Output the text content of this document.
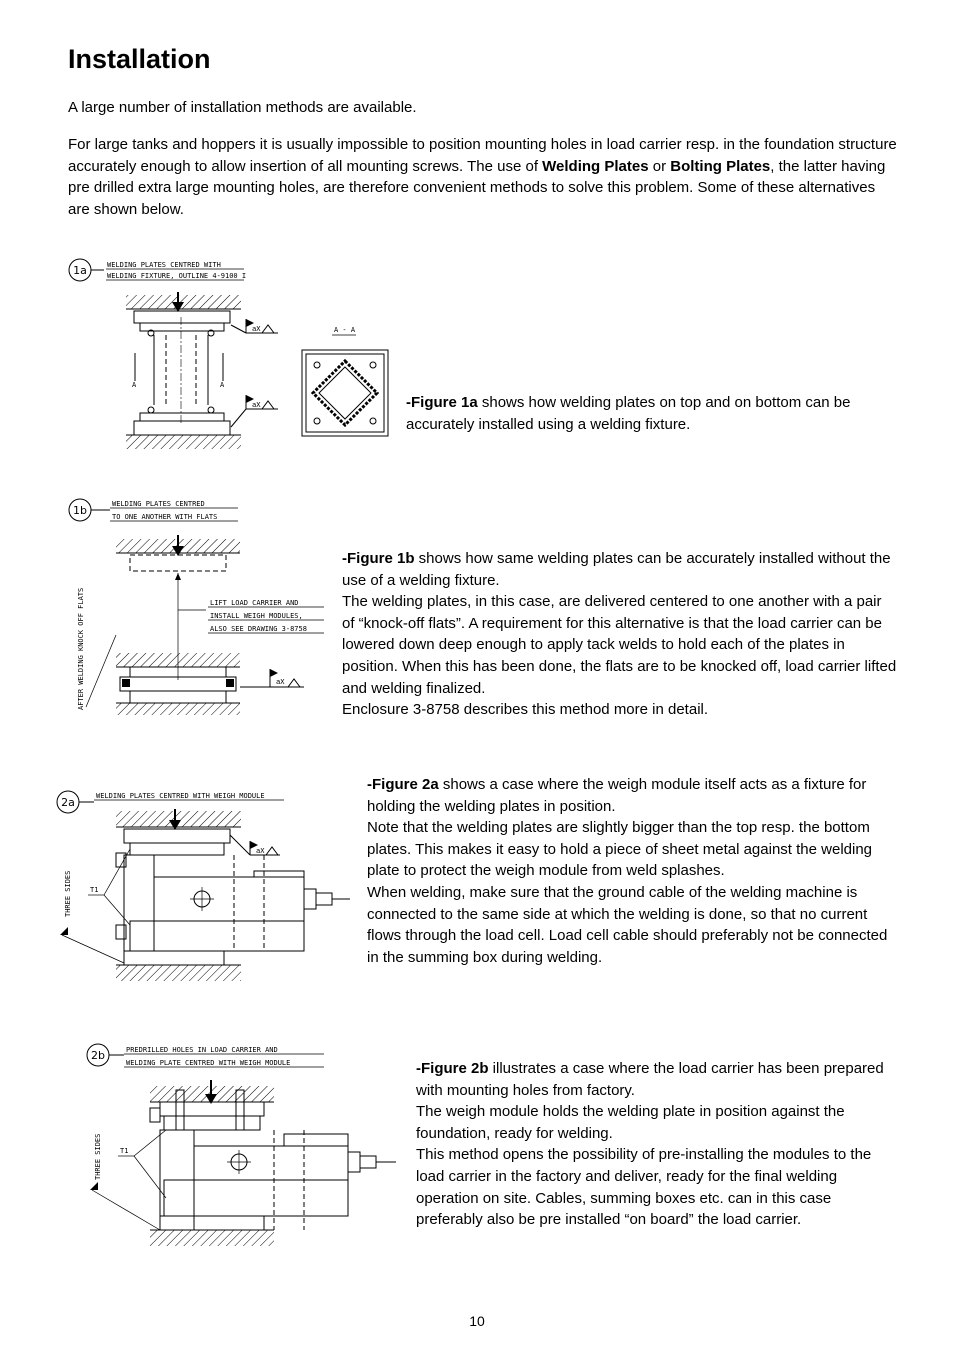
Installation

A large number of installation methods are available.

For large tanks and hoppers it is usually impossible to position mounting holes in load carrier resp. in the foundation structure accurately enough to allow insertion of all mounting screws. The use of Welding Plates or Bolting Plates, the latter having pre drilled extra large mounting holes, are therefore convenient methods to solve this problem. Some of these alternatives are shown below.

1a	WELDING PLATES CENTRED WITH
WELDING FIXTURE, OUTLINE 4-9100 I
A	A
aX
aX
A - A

-Figure 1a shows how welding plates on top and on bottom can be accurately installed using a welding fixture.

1b	WELDING PLATES CENTRED
TO ONE ANOTHER WITH FLATS
AFTER WELDING KNOCK OFF FLATS	LIFT LOAD CARRIER AND
INSTALL WEIGH MODULES,
ALSO SEE DRAWING 3-8758
aX

-Figure 1b shows how same welding plates can be accurately installed without the use of a welding fixture.

The welding plates, in this case, are delivered centered to one another with a pair of “knock-off flats”. A requirement for this alternative is that the load carrier can be lowered down deep enough to apply tack welds to hold each of the plates in position. When this has been done, the flats are to be knocked off, load carrier lifted and welding finalized.

Enclosure 3-8758 describes this method more in detail.

2a	WELDING PLATES CENTRED WITH WEIGH MODULE
THREE SIDES	T1
aX

-Figure 2a shows a case where the weigh module itself acts as a fixture for holding the welding plates in position.

Note that the welding plates are slightly bigger than the top resp. the bottom plates. This makes it easy to hold a piece of sheet metal against the welding plate to protect the weigh module from weld splashes.

When welding, make sure that the ground cable of the welding machine is connected to the same side at which the welding is done, so that no current flows through the load cell. Load cell cable should preferably not be connected in the summing box during welding.

2b	PREDRILLED HOLES IN LOAD CARRIER AND
WELDING PLATE CENTRED WITH WEIGH MODULE
THREE SIDES	T1

-Figure 2b illustrates a case where the load carrier has been prepared with mounting holes from factory.

The weigh module holds the welding plate in position against the foundation, ready for welding.

This method opens the possibility of pre-installing the modules to the load carrier in the factory and deliver, ready for the final welding operation on site. Cables, summing boxes etc. can in this case preferably also be pre installed “on board” the load carrier.

10
